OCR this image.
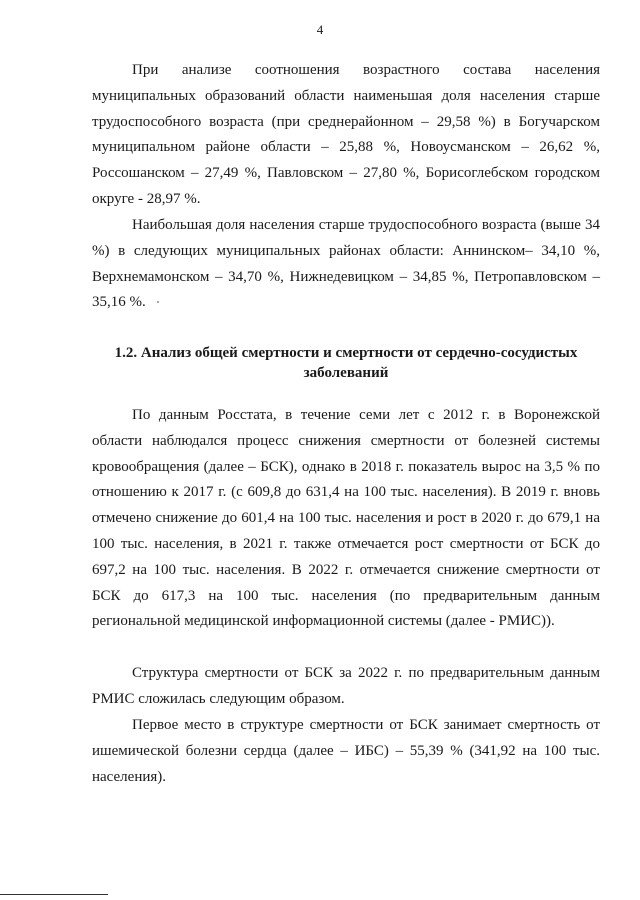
4

При анализе соотношения возрастного состава населения муниципальных образований области наименьшая доля населения старше трудоспособного возраста (при среднерайонном – 29,58 %) в Богучарском муниципальном районе области – 25,88 %, Новоусманском – 26,62 %, Россошанском – 27,49 %, Павловском – 27,80 %, Борисоглебском городском округе - 28,97 %.

Наибольшая доля населения старше трудоспособного возраста (выше 34 %) в следующих муниципальных районах области: Аннинском– 34,10 %, Верхнемамонском – 34,70 %, Нижнедевицком – 34,85 %, Петропавловском – 35,16 %.

1.2. Анализ общей смертности и смертности от сердечно-сосудистых заболеваний

По данным Росстата, в течение семи лет с 2012 г. в Воронежской области наблюдался процесс снижения смертности от болезней системы кровообращения (далее – БСК), однако в 2018 г. показатель вырос на 3,5 % по отношению к 2017 г. (с 609,8 до 631,4 на 100 тыс. населения). В 2019 г. вновь отмечено снижение до 601,4 на 100 тыс. населения и рост в 2020 г. до 679,1 на 100 тыс. населения, в 2021 г. также отмечается рост смертности от БСК до 697,2 на 100 тыс. населения. В 2022 г. отмечается снижение смертности от БСК до 617,3 на 100 тыс. населения (по предварительным данным региональной медицинской информационной системы (далее - РМИС)).

Структура смертности от БСК за 2022 г. по предварительным данным РМИС сложилась следующим образом.

Первое место в структуре смертности от БСК занимает смертность от ишемической болезни сердца (далее – ИБС) – 55,39 % (341,92 на 100 тыс. населения).
